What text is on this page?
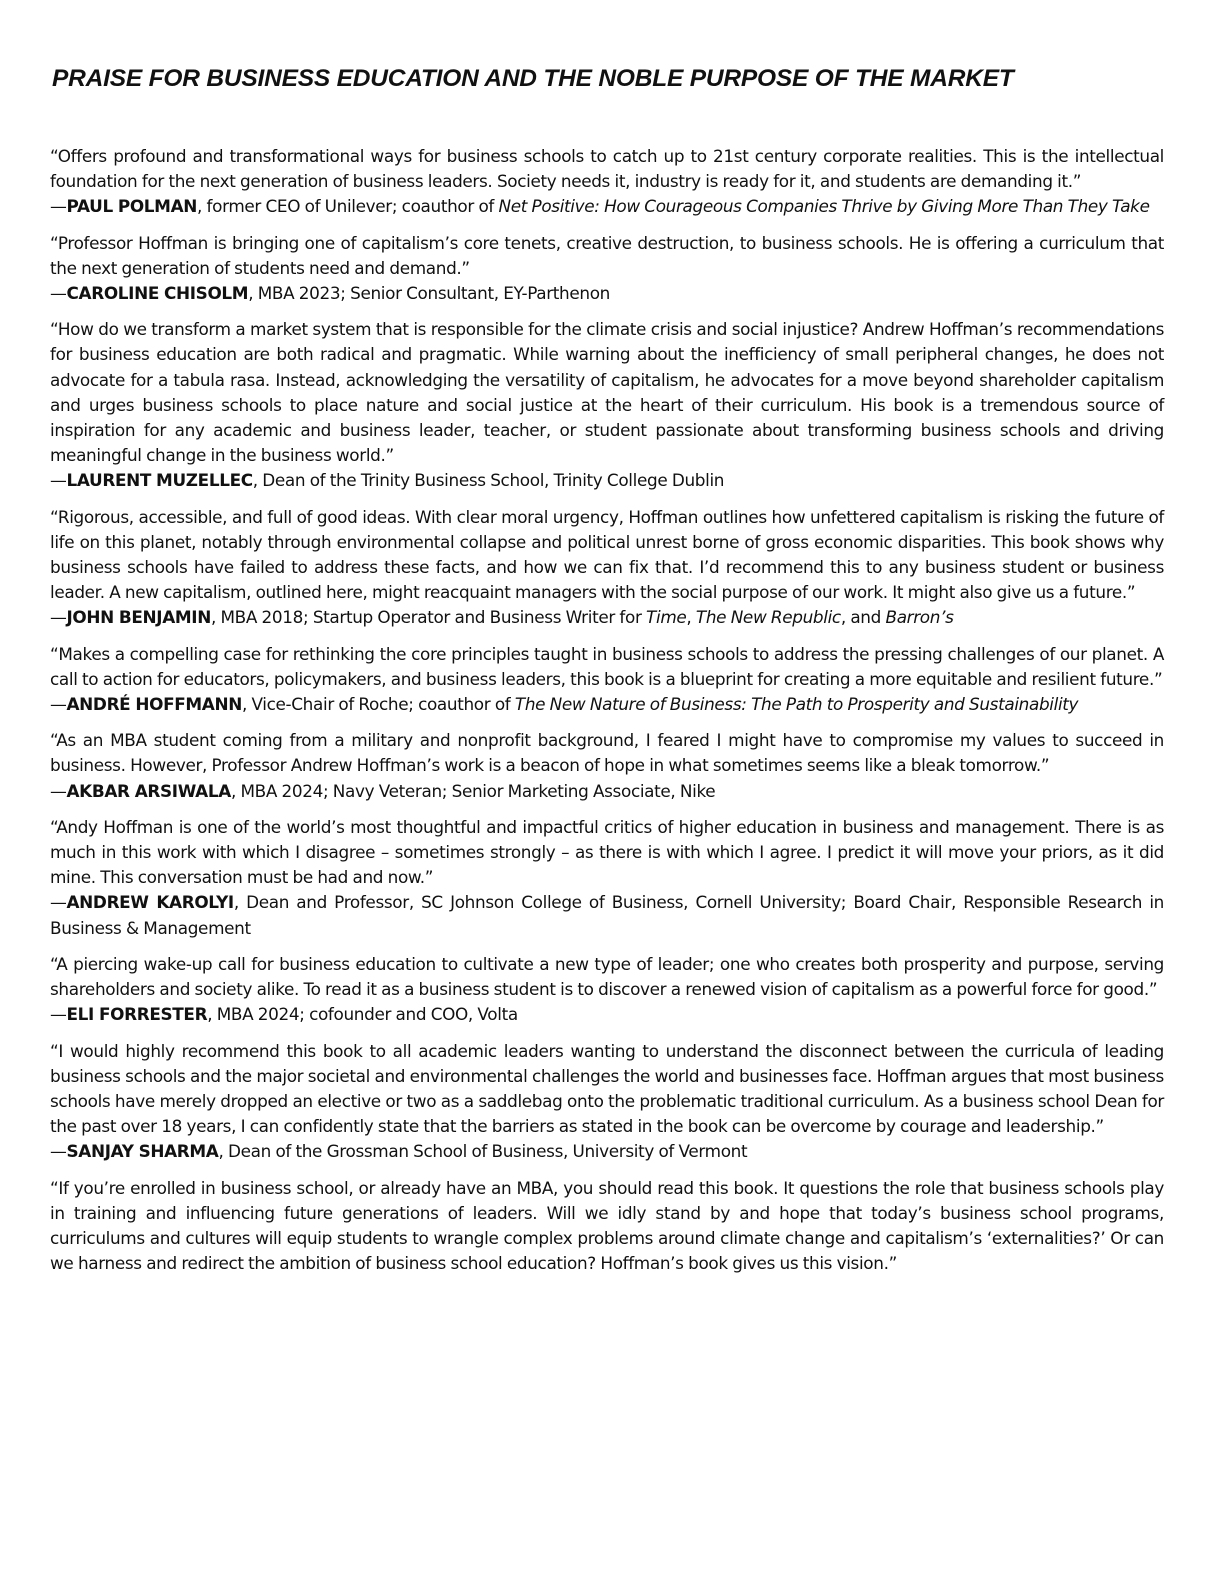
PRAISE FOR BUSINESS EDUCATION AND THE NOBLE PURPOSE OF THE MARKET

“Offers profound and transformational ways for business schools to catch up to 21st century corporate realities. This is the intellectual foundation for the next generation of business leaders. Society needs it, industry is ready for it, and students are demanding it.”

—PAUL POLMAN, former CEO of Unilever; coauthor of Net Positive: How Courageous Companies Thrive by Giving More Than They Take

“Professor Hoffman is bringing one of capitalism’s core tenets, creative destruction, to business schools. He is offering a curriculum that the next generation of students need and demand.”

—CAROLINE CHISOLM, MBA 2023; Senior Consultant, EY-Parthenon

“How do we transform a market system that is responsible for the climate crisis and social injustice? Andrew Hoffman’s recommendations for business education are both radical and pragmatic. While warning about the inefficiency of small peripheral changes, he does not advocate for a tabula rasa. Instead, acknowledging the versatility of capitalism, he advocates for a move beyond shareholder capitalism and urges business schools to place nature and social justice at the heart of their curriculum. His book is a tremendous source of inspiration for any academic and business leader, teacher, or student passionate about transforming business schools and driving meaningful change in the business world.”

—LAURENT MUZELLEC, Dean of the Trinity Business School, Trinity College Dublin

“Rigorous, accessible, and full of good ideas. With clear moral urgency, Hoffman outlines how unfettered capitalism is risking the future of life on this planet, notably through environmental collapse and political unrest borne of gross economic disparities. This book shows why business schools have failed to address these facts, and how we can fix that. I’d recommend this to any business student or business leader. A new capitalism, outlined here, might reacquaint managers with the social purpose of our work. It might also give us a future.”

—JOHN BENJAMIN, MBA 2018; Startup Operator and Business Writer for Time, The New Republic, and Barron’s

“Makes a compelling case for rethinking the core principles taught in business schools to address the pressing challenges of our planet. A call to action for educators, policymakers, and business leaders, this book is a blueprint for creating a more equitable and resilient future.”

—ANDRÉ HOFFMANN, Vice-Chair of Roche; coauthor of The New Nature of Business: The Path to Prosperity and Sustainability

“As an MBA student coming from a military and nonprofit background, I feared I might have to compromise my values to succeed in business. However, Professor Andrew Hoffman’s work is a beacon of hope in what sometimes seems like a bleak tomorrow.”

—AKBAR ARSIWALA, MBA 2024; Navy Veteran; Senior Marketing Associate, Nike

“Andy Hoffman is one of the world’s most thoughtful and impactful critics of higher education in business and management. There is as much in this work with which I disagree – sometimes strongly – as there is with which I agree. I predict it will move your priors, as it did mine. This conversation must be had and now.”

—ANDREW KAROLYI, Dean and Professor, SC Johnson College of Business, Cornell University; Board Chair, Responsible Research in Business & Management

“A piercing wake-up call for business education to cultivate a new type of leader; one who creates both prosperity and purpose, serving shareholders and society alike. To read it as a business student is to discover a renewed vision of capitalism as a powerful force for good.”

—ELI FORRESTER, MBA 2024; cofounder and COO, Volta

“I would highly recommend this book to all academic leaders wanting to understand the disconnect between the curricula of leading business schools and the major societal and environmental challenges the world and businesses face. Hoffman argues that most business schools have merely dropped an elective or two as a saddlebag onto the problematic traditional curriculum. As a business school Dean for the past over 18 years, I can confidently state that the barriers as stated in the book can be overcome by courage and leadership.”

—SANJAY SHARMA, Dean of the Grossman School of Business, University of Vermont

“If you’re enrolled in business school, or already have an MBA, you should read this book. It questions the role that business schools play in training and influencing future generations of leaders. Will we idly stand by and hope that today’s business school programs, curriculums and cultures will equip students to wrangle complex problems around climate change and capitalism’s ‘externalities?’ Or can we harness and redirect the ambition of business school education? Hoffman’s book gives us this vision.”
